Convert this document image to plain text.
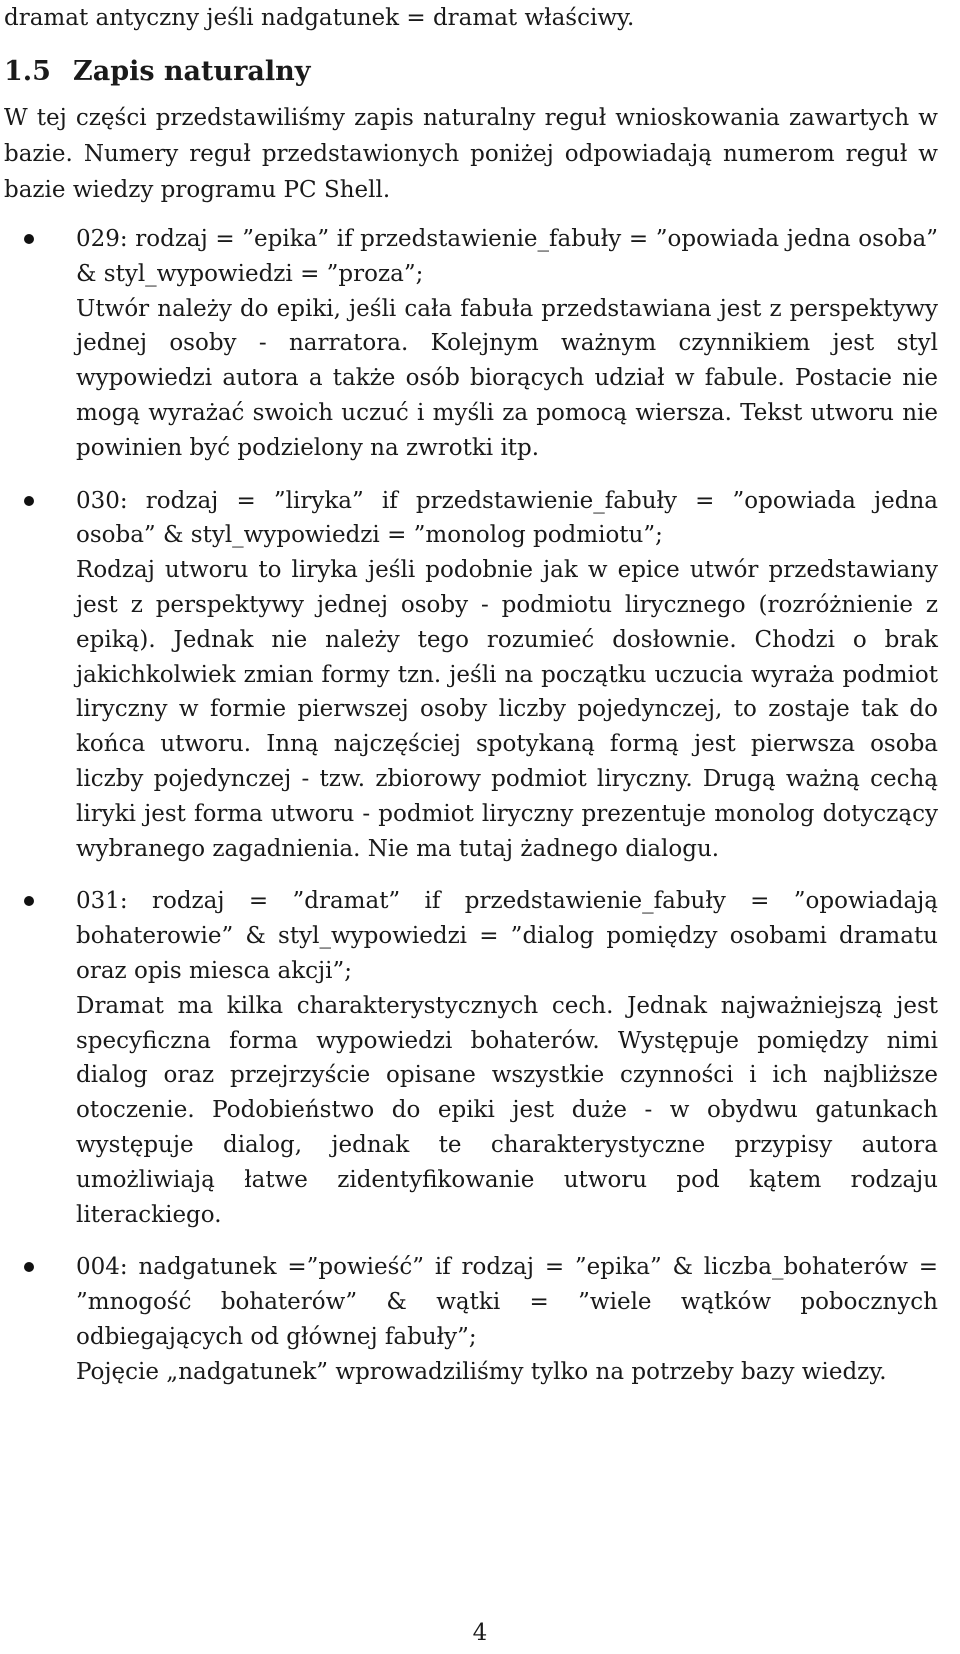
dramat antyczny jeśli nadgatunek = dramat właściwy.
1.5 Zapis naturalny
W tej części przedstawiliśmy zapis naturalny reguł wnioskowania zawartych w bazie. Numery reguł przedstawionych poniżej odpowiadają numerom reguł w bazie wiedzy programu PC Shell.
029: rodzaj = ”epika” if przedstawienie_fabuły = ”opowiada jedna osoba” & styl_wypowiedzi = ”proza”;
Utwór należy do epiki, jeśli cała fabuła przedstawiana jest z perspektywy jednej osoby - narratora. Kolejnym ważnym czynnikiem jest styl wypowiedzi autora a także osób biorących udział w fabule. Postacie nie mogą wyrażać swoich uczuć i myśli za pomocą wiersza. Tekst utworu nie powinien być podzielony na zwrotki itp.
030: rodzaj = ”liryka” if przedstawienie_fabuły = ”opowiada jedna osoba” & styl_wypowiedzi = ”monolog podmiotu”;
Rodzaj utworu to liryka jeśli podobnie jak w epice utwór przedstawiany jest z perspektywy jednej osoby - podmiotu lirycznego (rozróżnienie z epiką). Jednak nie należy tego rozumieć dosłownie. Chodzi o brak jakichkolwiek zmian formy tzn. jeśli na początku uczucia wyraża podmiot liryczny w formie pierwszej osoby liczby pojedynczej, to zostaje tak do końca utworu. Inną najczęściej spotykaną formą jest pierwsza osoba liczby pojedynczej - tzw. zbiorowy podmiot liryczny. Drugą ważną cechą liryki jest forma utworu - podmiot liryczny prezentuje monolog dotyczący wybranego zagadnienia. Nie ma tutaj żadnego dialogu.
031: rodzaj = ”dramat” if przedstawienie_fabuły = ”opowiadają bohaterowie” & styl_wypowiedzi = ”dialog pomiędzy osobami dramatu oraz opis miesca akcji”;
Dramat ma kilka charakterystycznych cech. Jednak najważniejszą jest specyficzna forma wypowiedzi bohaterów. Występuje pomiędzy nimi dialog oraz przejrzyście opisane wszystkie czynności i ich najbliższe otoczenie. Podobieństwo do epiki jest duże - w obydwu gatunkach występuje dialog, jednak te charakterystyczne przypisy autora umożliwiają łatwe zidentyfikowanie utworu pod kątem rodzaju literackiego.
004: nadgatunek =”powieść” if rodzaj = ”epika” & liczba_bohaterów = ”mnogość bohaterów” & wątki = ”wiele wątków pobocznych odbiegających od głównej fabuły”;
Pojęcie „nadgatunek” wprowadziliśmy tylko na potrzeby bazy wiedzy.
4
